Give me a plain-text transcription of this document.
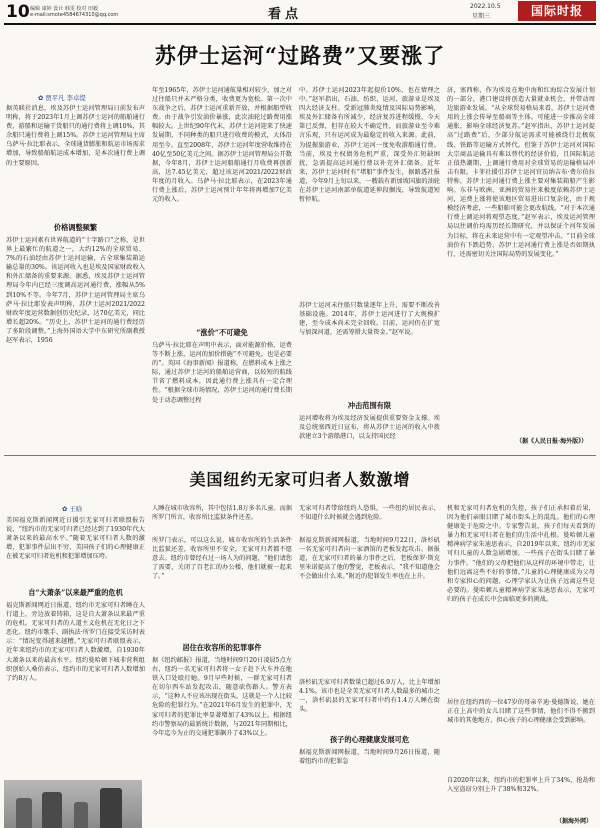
10 编辑 康婷 设计 韩雯 校对 田毅
e-mail:smote4584674310@qq.com	看点
2022.10.5
星期三	国际时报
苏伊士运河“过路费”又要涨了
✿ 贾平凡 李卓缇
据英联社消息，埃及苏伊士运河管理局日前发布声明称，将于2023年1月上调苏伊士运河的船舶通行费，游船和运输干货船只的通行费将上调10%，其余船只通行费将上调15%。苏伊士运河管理局主席乌萨马·拉比耶表示，全球通货膨胀和航运市场需求增加，导致船舶航运成本增加，是本次通行费上调的主要原因。
价格调整频繁
苏伊士运河素有世界航道的“十字路口”之称，是世界上最繁忙的航道之一，大约12%的全球贸易、7%的石油经由苏伊士运河运输，占全球集装箱运输总量的30%。该运河收入也是埃及国家财政收入和外汇储备的重要来源。据悉，埃及苏伊士运河管理局今年内已经三度调高运河通行费，涨幅从5%到10%不等。今年7月，苏伊士运河管理局主席乌萨马·拉比耶发表声明称，苏伊士运河2021/2022财政年度运营数据创历史纪录，达70亿美元，同比增长超20%。“历史上，苏伊士运河的通行费经历了多阶段调整。”上海外国语大学中东研究所副教授赵军表示，1956
年至1965年，苏伊士运河通航量相对较少，加之对过往船只并未严格分类，收费更为宽松。第一次中东战争之后，苏伊士运河重新开放，并根据船型收费。由于战争引发油价暴涨，此次油轮过路费用涨幅较大。上世纪90年代末，苏伊士运河迎来了快速发展期，不同种类的船只进行收费的模式，大体沿用至今。直至2008年，苏伊士运河年度营收维持在40亿至50亿美元之间。据苏伊士运河管理局公开数据，今年8月，苏伊士运河船舶通行月收费再创新高，达7.45亿美元，超过该运河2021/2022财政年度的月收入。乌萨马·拉比耶表示，在2023年通行费上涨后，苏伊士运河预计年年将再增加7亿美元的收入。
“涨价”不可避免
乌萨马·拉比耶在声明中表示，面对能源价格、运费等不断上涨，运河的加价措施“不可避免，也是必要的”。英国《海事新闻》报道称，在燃料成本上涨之际，通过苏伊士运河的船舶运营商，以较短的航线节省了燃料成本，因此通行费上涨具有一定合理性。“根据全球市场情况，苏伊士运河的通行费长期处于动态调整过程
中。苏伊士运河2023年起提价10%，也在情理之中。”赵军指出，石油、纺织、运河、旅游业是埃及四大经济支柱。受新冠肺炎疫情及国际局势影响，埃及外汇储备有所减少，经济复苏进程缓慢，今天第已反弹，但存在较大不确定性，而旅游业至今难言乐观，只有运河成为最稳定的收入来源。此前，为提振旅游业，苏伊士运河一度免收游船通行费。当前，埃及主权债务危机严重，深受外汇短缺困扰，急需提高运河通行费以补充外汇储备。近年来，苏伊士运河时有“堵船”事件发生，据路透社报道，今年9月上旬以来，一艘载有新加坡国旗的油轮在苏伊士运河南部单航道延伸段搁浅，导致航道短暂停航。
苏伊士运河未往船只数量逐年上升，需要不断改善基础设施。2014年，苏伊士运河进行了大规模扩建，至今成本尚未完全回收。目前，运河仍在扩宽与加深河道，还需筹措大量资金。”赵军说。
冲击范围有限
运河增收将为埃及经济发展提供重要资金支撑。埃及总统塞西近日宣布，将从苏伊士运河的收入中拨款建立3个游船港口，以支持国民经
济，塞西称，作为埃及在地中海和红海综合发展计划的一部分，港口建设将创造大量就业机会，并带动周边旅游业发展。“从全球贸易格局来看，苏伊士运河费用的上涨会传导至船商等主体。可能进一步推高全球通胀，影响全球经济复苏。”赵军指出，苏伊士运河提高“过路费”后，少部分航运需求可能被绕行北极航线、铁路等运输方式替代。但鉴于苏伊士运河对国际大宗商品运输具有难以替代的经济价值，且国际航运正值热潮期，上调通行费用对全球贸易的运输格局冲击有限。卡菲社援引苏伊士运河官员纳吉布·费尔伯拉特称，苏伊士运河通行费上涨主要对集装箱船产生影响。东非与欧洲、亚洲的贸易往来极度依赖苏伊士运河，运费上涨将使该地区贸易进出口复杂化，由于规模经济考虑，一些船舶可能会更改航线。“对于本次通行费上调运河将观望态度，”赵军表示，埃及运河管理局以往调价均需历经长期研究，并以保证个河年发展为目标，将在未来运营中有一定观望冲击。“目前全球油价有下跌趋势，苏伊士运河通行费上涨是否如期执行，还需密切关注国际局势的发展变化。”
（据《人民日报·海外版》）
美国纽约无家可归者人数激增
✿ 王晗
美国福克斯新闻网近日援引无家可归者联盟报告说，“纽约市的无家可归者已经达到了1930年代大萧条以来的最高水平。”随着无家可归者人数的激增，犯罪事件层出不穷，美国孩子们的心理健康正在被无家可归者危机和犯罪增加压垮。
自“大萧条”以来最严重的危机
福克斯新闻网近日报道，纽约市无家可归者睡在人行道上，旁边放着铸箱，这是自大萧条以来最严重的危机。无家可归者的人道主义危机在无化日之下恶化。纽约市歌手、副执法·所罗门在接受采访时表示：“情况变得越来越糟。”无家可归者联盟表示，近年来纽约市的无家可归者人数激增，自1930年大萧条以来的最高水平。纽约曼哈顿下城非营利组织创始人桑伯表示，纽约市的无家可归者人数增加了约8万人。
人睡在城市收容所，其中包括1.8万多名儿童。而据所罗门所言，收容所比监狱条件还差。
所罗门表示，可以这么说，城市收容所的生活条件比监狱还差，收容所里不安全，无家可归者都不愿意去。纽约市曾经有过一场人为的问题，“他们请您了需要，关闭了百老汇的办公楼，他们就被一起来了。”
居住在收容所的犯罪事件
据《纽约邮报》报道，当地时间9月20日凌晨5点左右，纽约一名无家可归者将一女子赶下火车并在地铁入口处殴打她。9月早些时候，一群无家可归者在切尔西车站发起攻击，随意砍伤路人。警方表示，“这种人不应该出现在街头，这就是一个人比较危险的犯罪行为。”在2021年6月发生的犯罪中，无家可归者的犯罪比率显著增加了43%以上。根据纽约市警察局的最新统计数据，与2021年同期相比，今年迄今为止的交通犯罪飙升了43%以上。
无家可归者带给纽约人恐惧，一些纽约居民表示，不知道什么时候就会遇到危险。
据福克斯新闻网报道，当地时间9月22日，洛杉矶一名无家可归者向一家酒馆的老板发起攻击。据报道，在无家可归者的暴力事件之后，老板保罗·斯克里米诺提高了他的警觉，老板表示，“我不知道他会不会做出什么来。”附近的犯罪发生率也在上升。
洛杉矶无家可归者数量已超过6.9万人，比上年增加4.1%。该市也是全美无家可归者人数最多的城市之一，洛杉矶县的无家可归者中约有1.4万人睡在街头。
孩子的心理健康发展可危
据福克斯新闻网报道，当地时间9月26日报道，随着纽约市的犯罪急
机和无家可归者危机的失控，孩子们正承担着后果，因为他们亲眼目睹了城市街头上的混乱。他们的心理健康处于危险之中。专家警告说，孩子们每天看到的暴力和无家可归者在他们的生活中扎根。曼哈顿儿童精神病学家朱迪思表示，自2019年以来，纽约市无家可归儿童的人数急剧增加，一些孩子在街头目睹了暴力事件。“他们的父母把他们从这样的环境中带走，让他们远离这些不好的事情。”儿童的心理健康成为父母和专家担心的问题，心理学家认为让孩子远离这些是必要的。曼哈顿儿童精神病学家朱迪思表示，无家可归的孩子在成长中会面临更多的挑战。
居住在纽约西的一位47岁的母亲辛迪·曼德斯说，她在正在上高中的女儿目睹了这些事情，他们不得不搬到城市的其他地方，担心孩子的心理健康会受到影响。
自2020年以来，纽约市的犯罪率上升了34%，抢劫和入室盗窃分别上升了38%和32%。
（据海外网）
